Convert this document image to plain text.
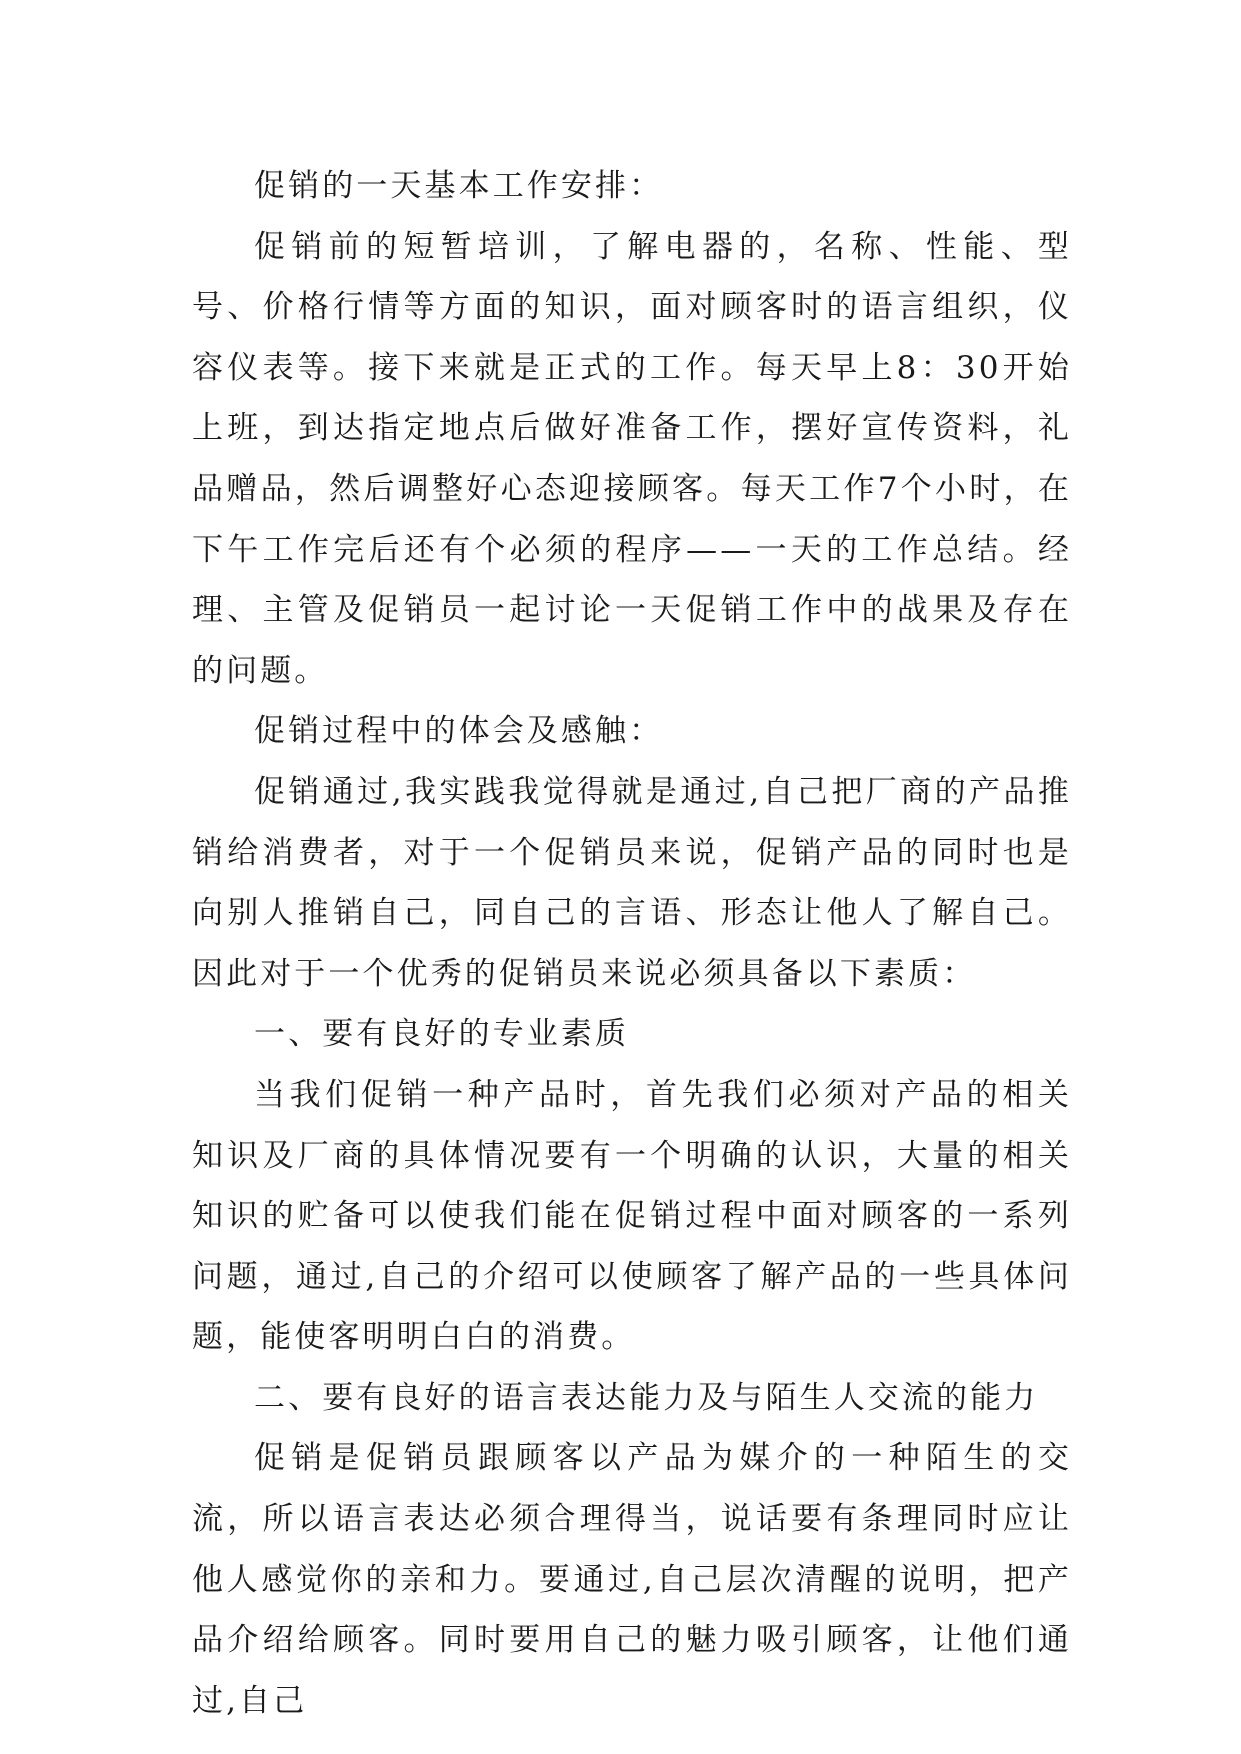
促销的一天基本工作安排：

促销前的短暂培训，了解电器的，名称、性能、型号、价格行情等方面的知识，面对顾客时的语言组织，仪容仪表等。接下来就是正式的工作。每天早上8：30开始上班，到达指定地点后做好准备工作，摆好宣传资料，礼品赠品，然后调整好心态迎接顾客。每天工作7个小时，在下午工作完后还有个必须的程序——一天的工作总结。经理、主管及促销员一起讨论一天促销工作中的战果及存在的问题。

促销过程中的体会及感触：

促销通过,我实践我觉得就是通过,自己把厂商的产品推销给消费者，对于一个促销员来说，促销产品的同时也是向别人推销自己，同自己的言语、形态让他人了解自己。因此对于一个优秀的促销员来说必须具备以下素质：

一、要有良好的专业素质

当我们促销一种产品时，首先我们必须对产品的相关知识及厂商的具体情况要有一个明确的认识，大量的相关知识的贮备可以使我们能在促销过程中面对顾客的一系列问题，通过,自己的介绍可以使顾客了解产品的一些具体问题，能使客明明白白的消费。

二、要有良好的语言表达能力及与陌生人交流的能力

促销是促销员跟顾客以产品为媒介的一种陌生的交流，所以语言表达必须合理得当，说话要有条理同时应让他人感觉你的亲和力。要通过,自己层次清醒的说明，把产品介绍给顾客。同时要用自己的魅力吸引顾客，让他们通过,自己
